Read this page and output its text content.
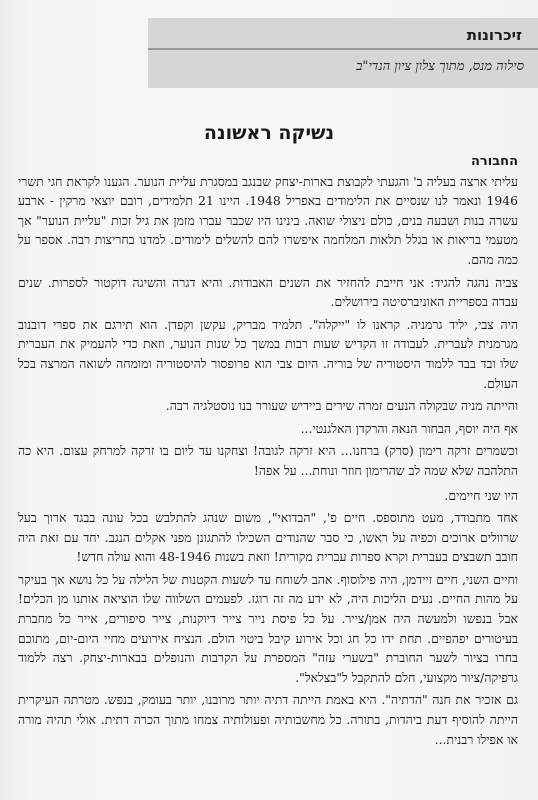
זיכרונות
סילוה מנס, מתוך צלון ציון הנדי"ב
נשיקה ראשונה

החבורה

עליתי ארצה בעליה ב' והגעתי לקבוצת בארות-יצחק שבנגב במסגרת עליית הנוער. הגענו לקראת חגי תשרי 1946 ונאמר לנו שנסיים את הלימודים באפריל 1948. היינו 21 תלמידים, רובם יוצאי מרקין - ארבע עשרה בנות ושבעה בנים, כולם ניצולי שואה. בינינו היו שכבר עברו מזמן את גיל זכות "עליית הנוער" אך מטעמי בריאות או בגלל תלאות המלחמה איפשרו להם להשלים לימודים. למדנו בחריצות רבה. אספר על כמה מהם.

צביה נהגה להגיד: אני חייבת להחזיר את השנים האבודות. והיא דגרה והשיגה דוקטור לספרות. שנים עבדה בספריית האוניברסיטה בירושלים.

היה צבי, יליד גרמניה. קראנו לו "ייקלה". תלמיד מבריק, עקשן וקפדן. הוא תירגם את ספרי דובנוב מגרמנית לעברית. לעבודה זו הקדיש שעות רבות במשך כל שנות הנוער, וזאת כדי להעמיק את העברית שלו ובד בבד ללמוד היסטוריה של בוריה. היום צבי הוא פרופסור להיסטוריה ומומחה לשואה המרצה בכל העולם.

והייתה מניה שבקולה הנעים זמרה שירים ביידיש שעורר בנו נוסטלגיה רבה.

אף היה יוסף, הבחור הנאה והרקדן האלגנטי...

וכשמרים זרקה רימון (סרק) ברחנו... היא זרקה לגובה! וצחקנו עד ליום בו זרקה למרחק עצום. היא כה התלהבה שלא שמה לב שהרימון חוזר ונוחת... על אפה!

היו שני חיימים.

אחד מתבודד, מעט מתוספס. חיים פ', "הבדואי", משום שנהג להתלבש בכל עונה בבגד ארוך בעל שרוולים ארוכים וכפיה על ראשו, כי סבר שהנודים השכילו להתגונן מפני אקלים הנגב. יחד עם זאת היה חובב תשבצים בעברית וקרא ספרות עברית מקורית! וזאת בשנות 48-1946 והוא עולה חדש!

וחיים השני, חיים זיידמן, היה פילוסוף. אהב לשוחח עד לשעות הקטנות של הלילה על כל נושא אך בעיקר על מהות החיים. נעים הליכות היה, לא ידע מה זה רוגז. לפעמים השלווה שלו הוציאה אותנו מן הכלים! אבל בנפשו ולמעשה היה אמן/צייר. על כל פיסת נייר צייר דיוקנות, צייר סיפורים, אייר כל מחברת בעיטורים יפהפיים. תחת ידו כל חג וכל אירוע קיבל ביטוי הולם. הנציח אירועים מחיי היום-יום, מתוכם בחרו בציור לשער החוברת "בשערי עזה" המספרת על הקרבות והנופלים בבארות-יצחק. רצה ללמוד גרפיקה/ציור מקצועי, חלם להתקבל ל"בצלאל".

גם אזכיר את חנה "הדתיה". היא באמת הייתה דתיה יותר מרובנו, יותר בעומק, בנפש. מטרתה העיקרית הייתה להוסיף דעת ביהדות, בתורה. כל מחשבותיה ופעולותיה צמחו מתוך הכרה דתית. אולי תהיה מורה או אפילו רבנית...
